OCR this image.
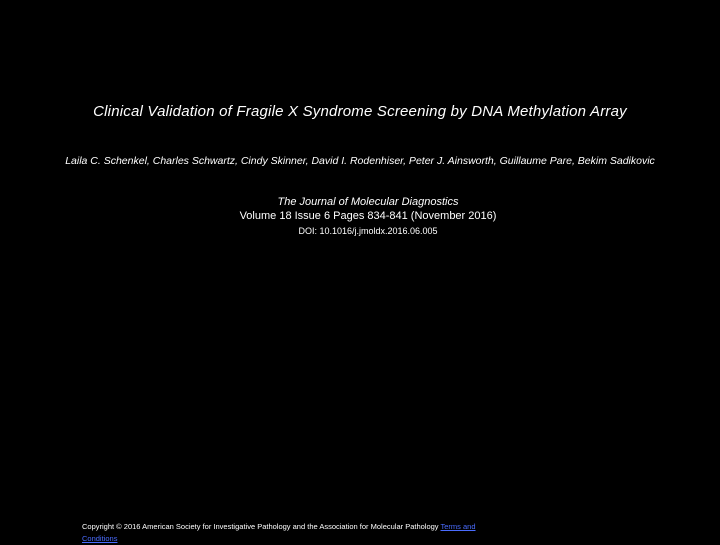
Clinical Validation of Fragile X Syndrome Screening by DNA Methylation Array
Laila C. Schenkel, Charles Schwartz, Cindy Skinner, David I. Rodenhiser, Peter J. Ainsworth, Guillaume Pare, Bekim Sadikovic
The Journal of Molecular Diagnostics
Volume 18 Issue 6 Pages 834-841 (November 2016)
DOI: 10.1016/j.jmoldx.2016.06.005
Copyright © 2016 American Society for Investigative Pathology and the Association for Molecular Pathology Terms and Conditions
